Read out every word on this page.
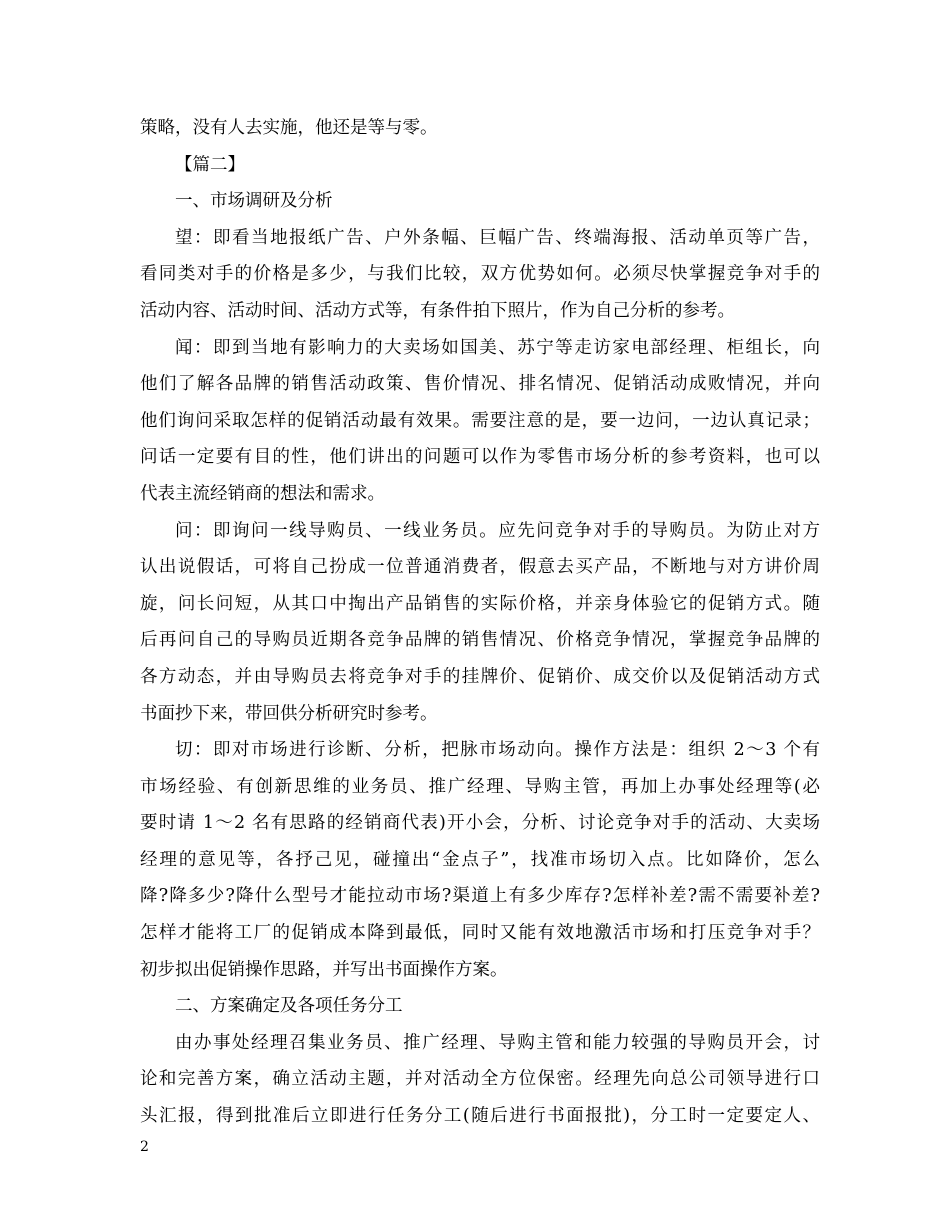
策略，没有人去实施，他还是等与零。
【篇二】
一、市场调研及分析
望：即看当地报纸广告、户外条幅、巨幅广告、终端海报、活动单页等广告，
看同类对手的价格是多少，与我们比较，双方优势如何。必须尽快掌握竞争对手的
活动内容、活动时间、活动方式等，有条件拍下照片，作为自己分析的参考。
闻：即到当地有影响力的大卖场如国美、苏宁等走访家电部经理、柜组长，向
他们了解各品牌的销售活动政策、售价情况、排名情况、促销活动成败情况，并向
他们询问采取怎样的促销活动最有效果。需要注意的是，要一边问，一边认真记录；
问话一定要有目的性，他们讲出的问题可以作为零售市场分析的参考资料，也可以
代表主流经销商的想法和需求。
问：即询问一线导购员、一线业务员。应先问竞争对手的导购员。为防止对方
认出说假话，可将自己扮成一位普通消费者，假意去买产品，不断地与对方讲价周
旋，问长问短，从其口中掏出产品销售的实际价格，并亲身体验它的促销方式。随
后再问自己的导购员近期各竞争品牌的销售情况、价格竞争情况，掌握竞争品牌的
各方动态，并由导购员去将竞争对手的挂牌价、促销价、成交价以及促销活动方式
书面抄下来，带回供分析研究时参考。
切：即对市场进行诊断、分析，把脉市场动向。操作方法是：组织 2～3 个有
市场经验、有创新思维的业务员、推广经理、导购主管，再加上办事处经理等(必
要时请 1～2 名有思路的经销商代表)开小会，分析、讨论竞争对手的活动、大卖场
经理的意见等，各抒己见，碰撞出“金点子”，找准市场切入点。比如降价，怎么
降?降多少?降什么型号才能拉动市场?渠道上有多少库存?怎样补差?需不需要补差?
怎样才能将工厂的促销成本降到最低，同时又能有效地激活市场和打压竞争对手？
初步拟出促销操作思路，并写出书面操作方案。
二、方案确定及各项任务分工
由办事处经理召集业务员、推广经理、导购主管和能力较强的导购员开会，讨
论和完善方案，确立活动主题，并对活动全方位保密。经理先向总公司领导进行口
头汇报，得到批准后立即进行任务分工(随后进行书面报批)，分工时一定要定人、
2
